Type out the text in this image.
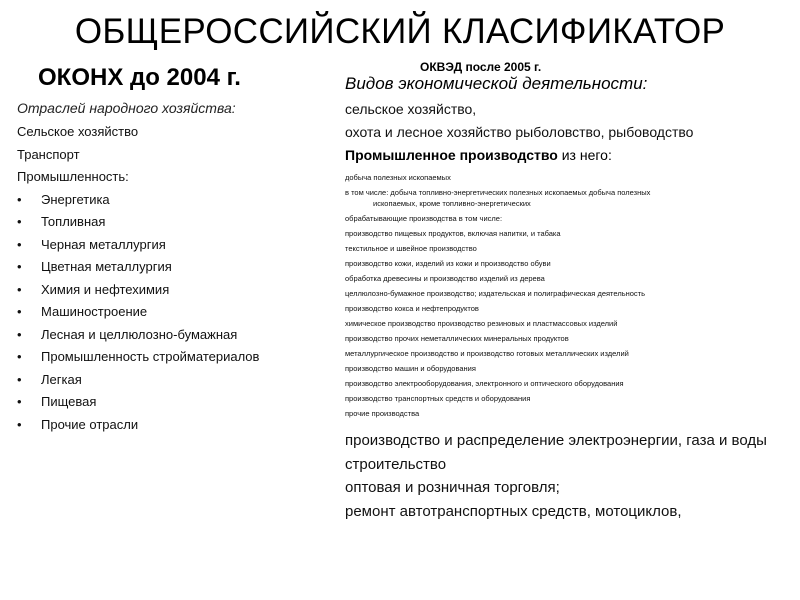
ОБЩЕРОССИЙСКИЙ КЛАСИФИКАТОР
ОКОНХ до 2004 г.
Отраслей народного хозяйства:
Сельское хозяйство
Транспорт
Промышленность:
• Энергетика
• Топливная
• Черная металлургия
• Цветная металлургия
• Химия и нефтехимия
• Машиностроение
• Лесная и целлюлозно-бумажная
• Промышленность стройматериалов
• Легкая
• Пищевая
• Прочие отрасли
ОКВЭД после 2005 г.
Видов экономической деятельности:
сельское хозяйство,
охота и лесное хозяйство рыболовство, рыбоводство
Промышленное производство из него:
добыча полезных ископаемых
в том числе: добыча топливно-энергетических полезных ископаемых добыча полезных
ископаемых, кроме топливно-энергетических
обрабатывающие производства в том числе:
производство пищевых продуктов, включая напитки, и табака
текстильное и швейное производство
производство кожи, изделий из кожи и производство обуви
обработка древесины и производство изделий из дерева
целлюлозно-бумажное производство; издательская и полиграфическая деятельность
производство кокса и нефтепродуктов
химическое производство производство резиновых и пластмассовых изделий
производство прочих неметаллических минеральных продуктов
металлургическое производство и производство готовых металлических изделий
производство машин и оборудования
производство электрооборудования, электронного и оптического оборудования
производство транспортных средств и оборудования
прочие производства
производство и распределение электроэнергии, газа и воды
строительство
оптовая и розничная торговля;
ремонт автотранспортных средств, мотоциклов,
